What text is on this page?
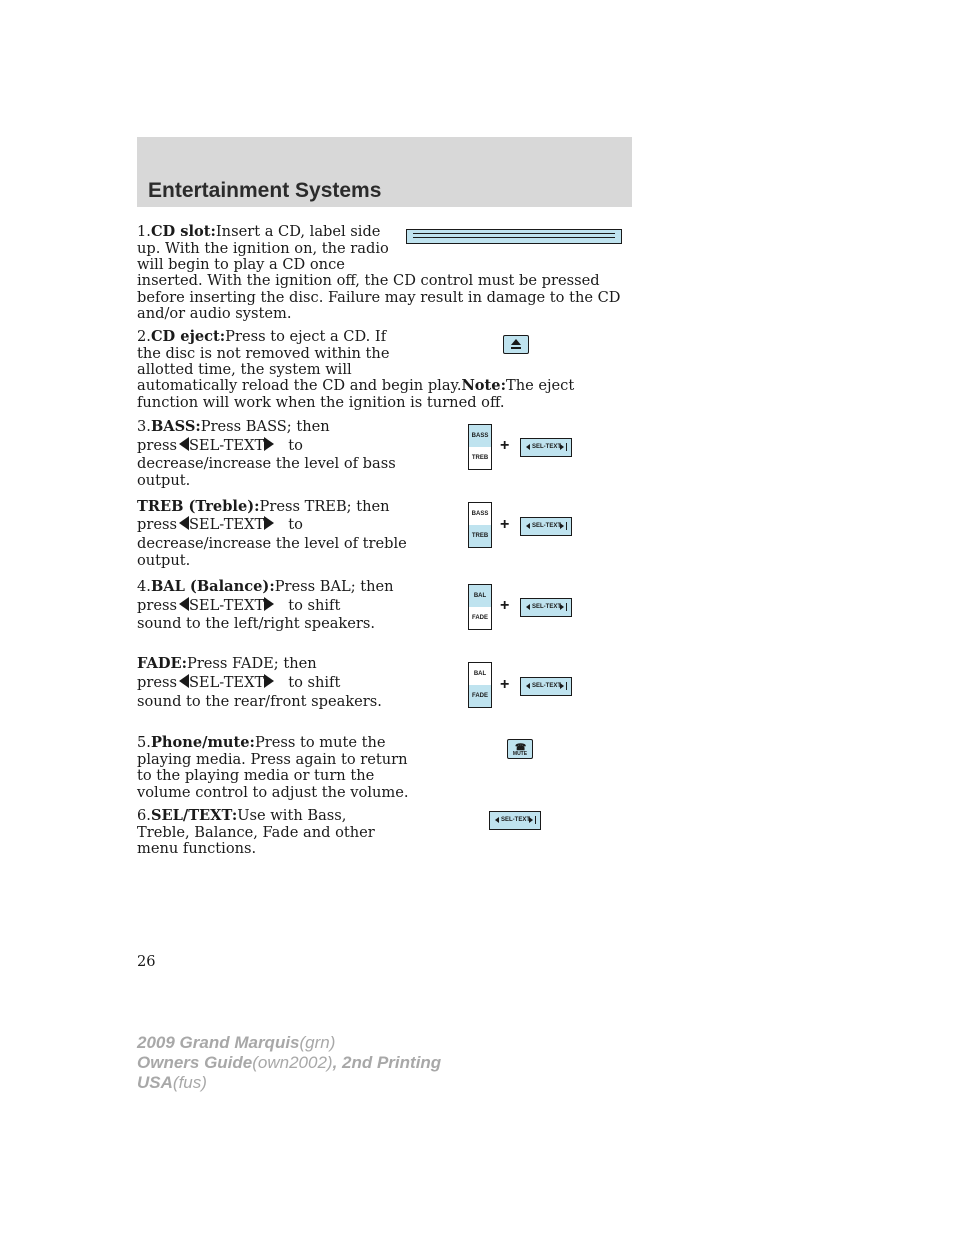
Entertainment Systems
1.CD slot:Insert a CD, label side
up. With the ignition on, the radio
will begin to play a CD once
inserted. With the ignition off, the CD control must be pressed before inserting the disc. Failure may result in damage to the CD and/or audio system.
2.CD eject:Press to eject a CD. If
the disc is not removed within the
allotted time, the system will
automatically reload the CD and begin play.Note:The eject function will work when the ignition is turned off.
3.BASS:Press BASS; then
press SEL-TEXT to
decrease/increase the level of bass
output.
BASS
TREB
+	SEL-TEXT
TREB (Treble):Press TREB; then
press SEL-TEXT to
decrease/increase the level of treble
output.
BASS
TREB
+	SEL-TEXT
4.BAL (Balance):Press BAL; then
press SEL-TEXT to shift
sound to the left/right speakers.
BAL
FADE
+	SEL-TEXT
FADE:Press FADE; then
press SEL-TEXT to shift
sound to the rear/front speakers.
BAL
FADE
+	SEL-TEXT
5.Phone/mute:Press to mute the
playing media. Press again to return
to the playing media or turn the
volume control to adjust the volume.
☎
MUTE
6.SEL/TEXT:Use with Bass,
Treble, Balance, Fade and other
menu functions.
SEL-TEXT
26
2009 Grand Marquis(grn)
Owners Guide(own2002), 2nd Printing
USA(fus)
